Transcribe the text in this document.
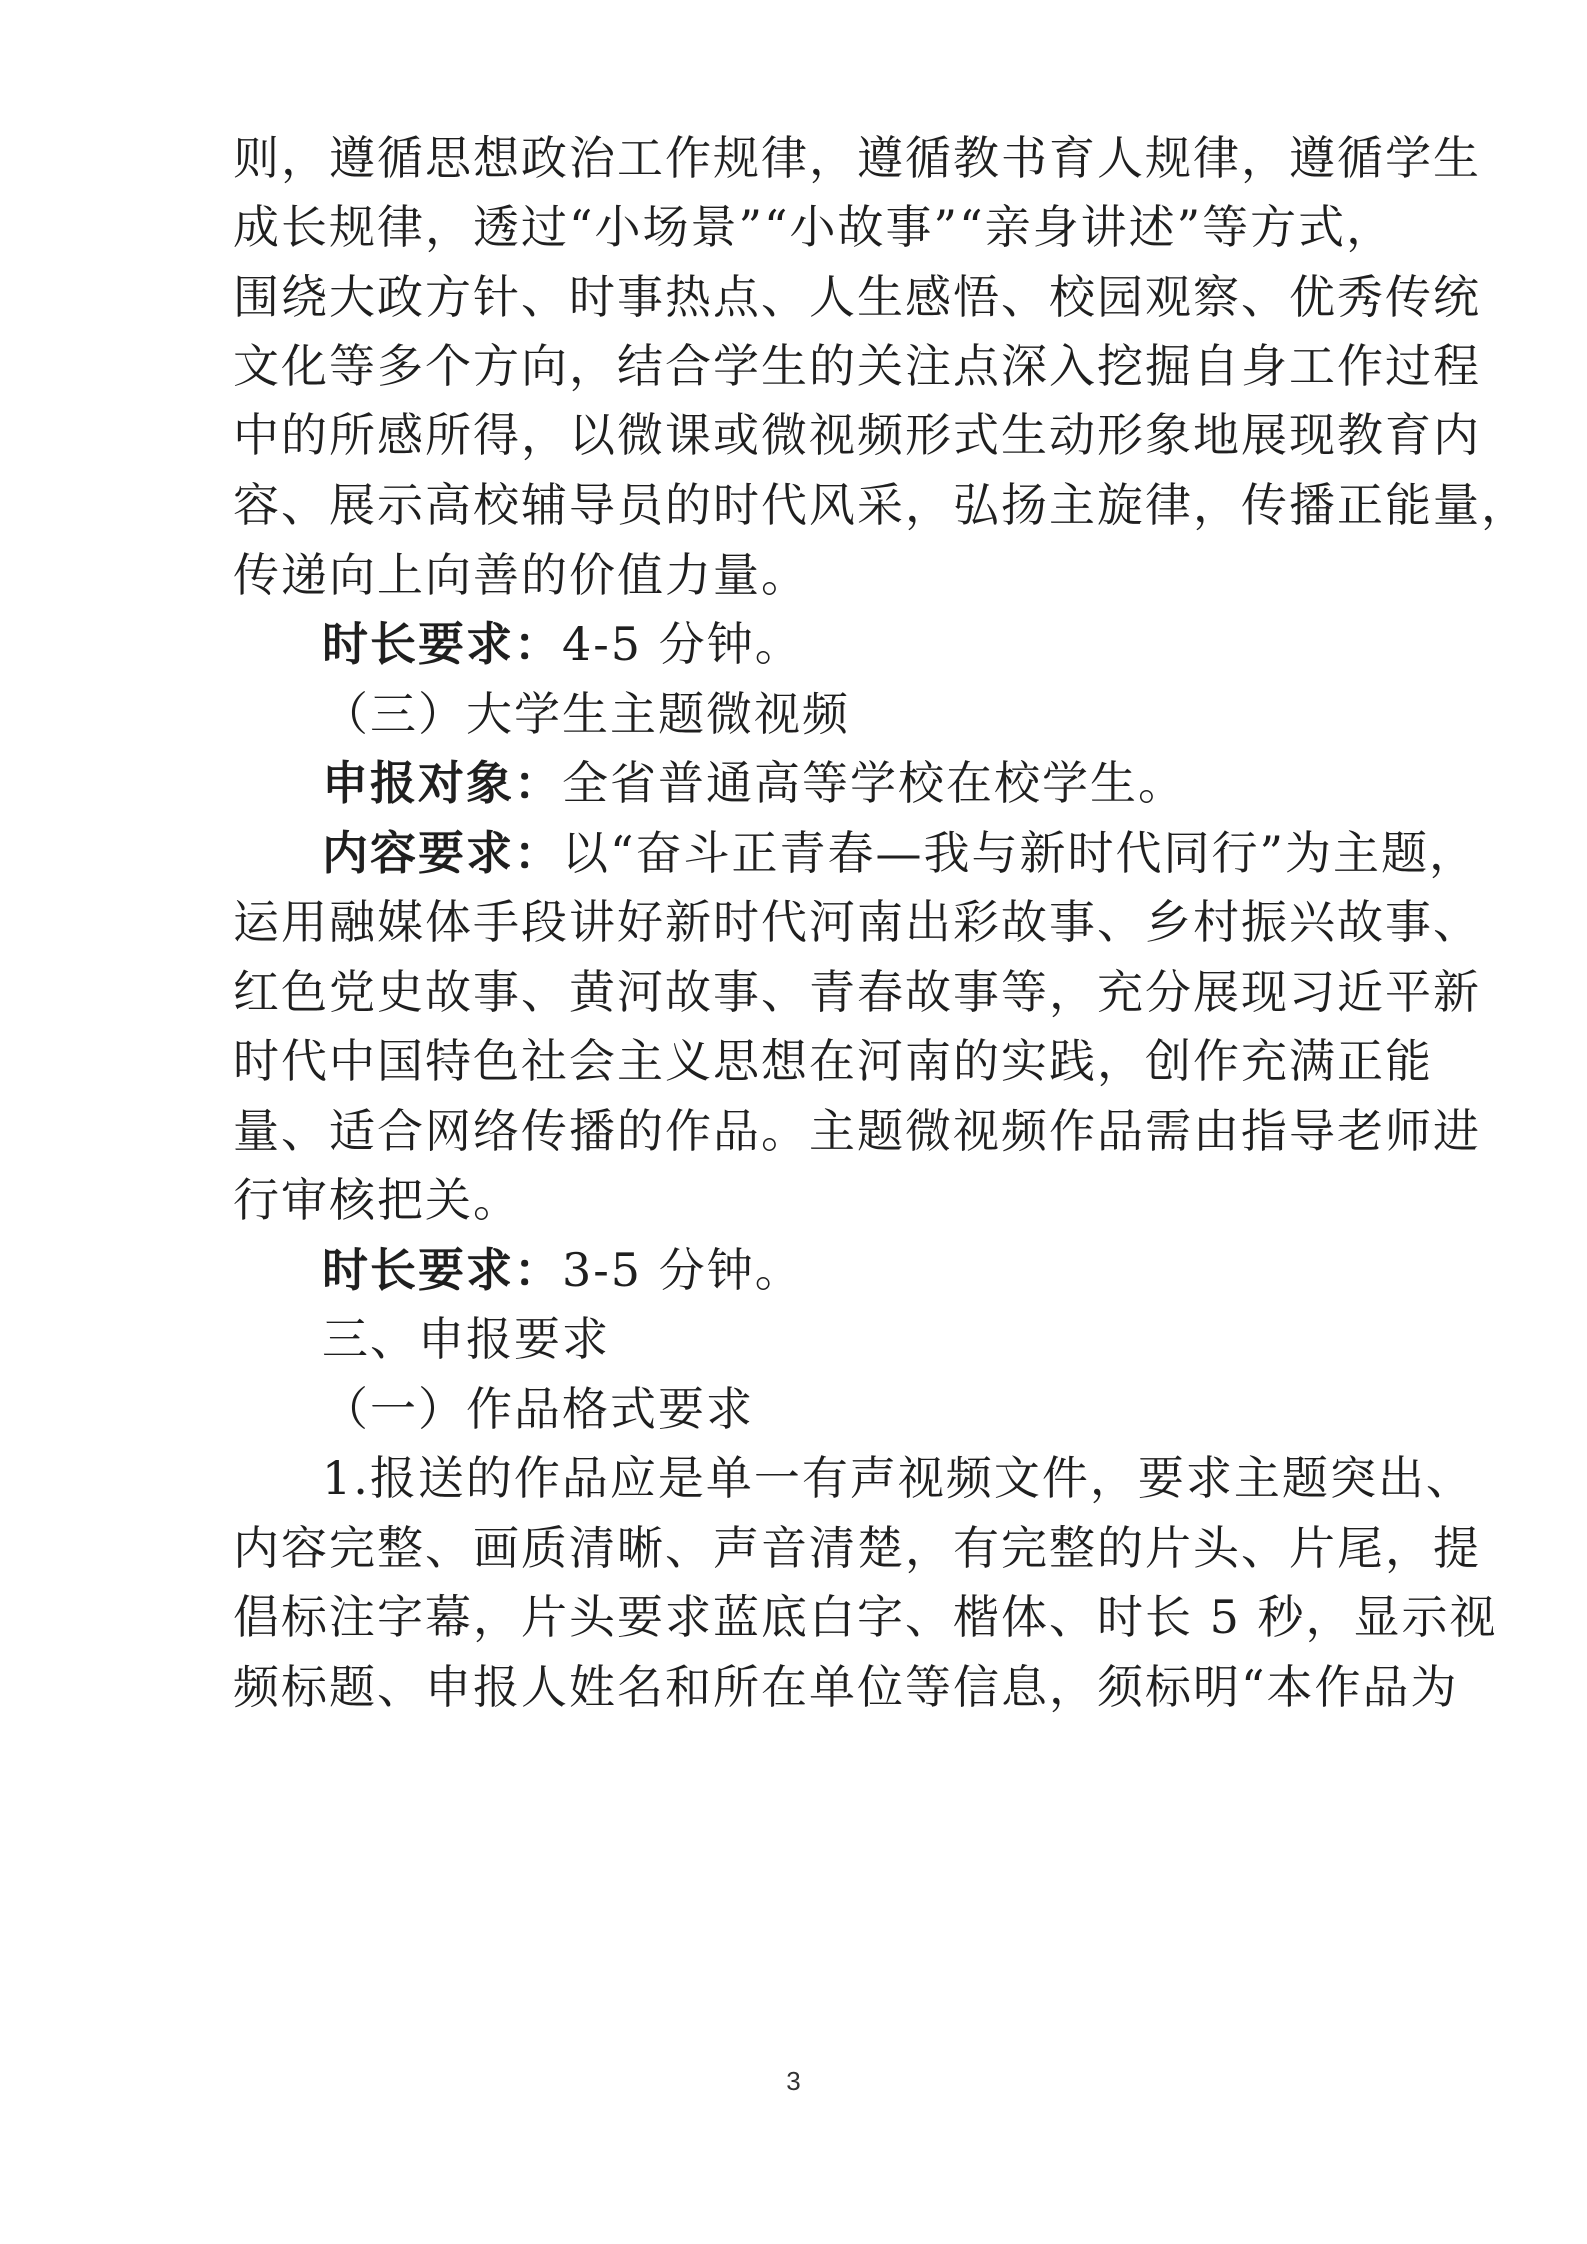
则，遵循思想政治工作规律，遵循教书育人规律，遵循学生
成长规律，透过“小场景”“小故事”“亲身讲述”等方式，
围绕大政方针、时事热点、人生感悟、校园观察、优秀传统
文化等多个方向，结合学生的关注点深入挖掘自身工作过程
中的所感所得，以微课或微视频形式生动形象地展现教育内
容、展示高校辅导员的时代风采，弘扬主旋律，传播正能量，
传递向上向善的价值力量。
时长要求：4-5 分钟。
（三）大学生主题微视频
申报对象：全省普通高等学校在校学生。
内容要求：以“奋斗正青春—我与新时代同行”为主题，
运用融媒体手段讲好新时代河南出彩故事、乡村振兴故事、
红色党史故事、黄河故事、青春故事等，充分展现习近平新
时代中国特色社会主义思想在河南的实践，创作充满正能
量、适合网络传播的作品。主题微视频作品需由指导老师进
行审核把关。
时长要求：3-5 分钟。
三、申报要求
（一）作品格式要求
1.报送的作品应是单一有声视频文件，要求主题突出、
内容完整、画质清晰、声音清楚，有完整的片头、片尾，提
倡标注字幕，片头要求蓝底白字、楷体、时长 5 秒，显示视
频标题、申报人姓名和所在单位等信息，须标明“本作品为
3
